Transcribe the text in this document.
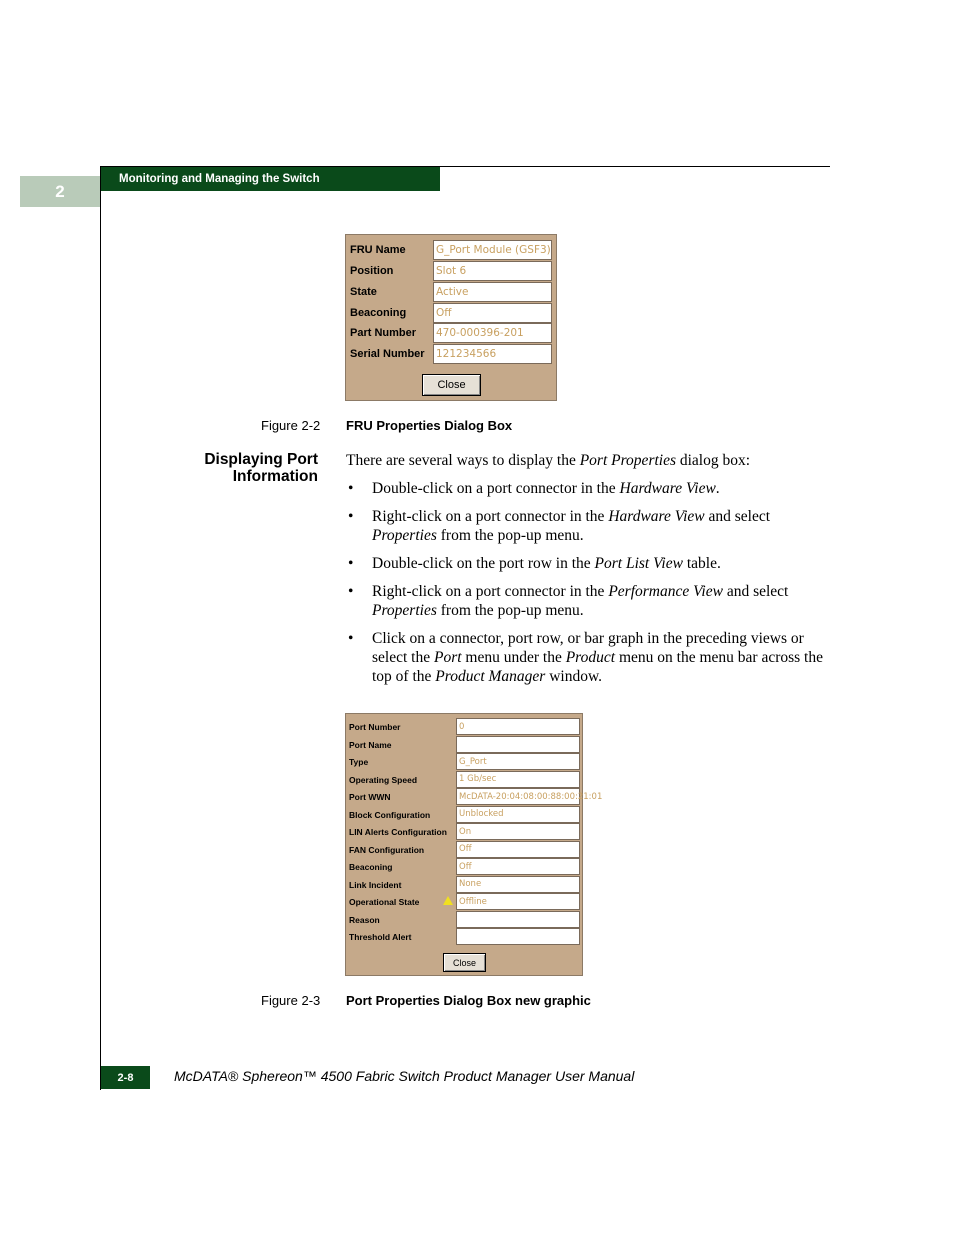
2
Monitoring and Managing the Switch
FRU Name	G_Port Module (GSF3)
Position	Slot 6
State	Active
Beaconing	Off
Part Number 470-000396-201
Serial Number 121234566
Close
Figure 2-2 FRU Properties Dialog Box
Displaying Port
Information
There are several ways to display the Port Properties dialog box:
• Double-click on a port connector in the Hardware View.
• Right-click on a port connector in the Hardware View and select Properties from the pop-up menu.
• Double-click on the port row in the Port List View table.
• Right-click on a port connector in the Performance View and select Properties from the pop-up menu.
• Click on a connector, port row, or bar graph in the preceding views or select the Port menu under the Product menu on the menu bar across the top of the Product Manager window.
Port Number	0
Port Name
Type	G_Port
Operating Speed	1 Gb/sec
Port WWN	McDATA-20:04:08:00:88:00:21:01
Block Configuration	Unblocked
LIN Alerts Configuration	On
FAN Configuration	Off
Beaconing	Off
Link Incident	None
Operational State	Offline
Reason
Threshold Alert
Close
Figure 2-3 Port Properties Dialog Box new graphic
2-8	McDATA® Sphereon™ 4500 Fabric Switch Product Manager User Manual
